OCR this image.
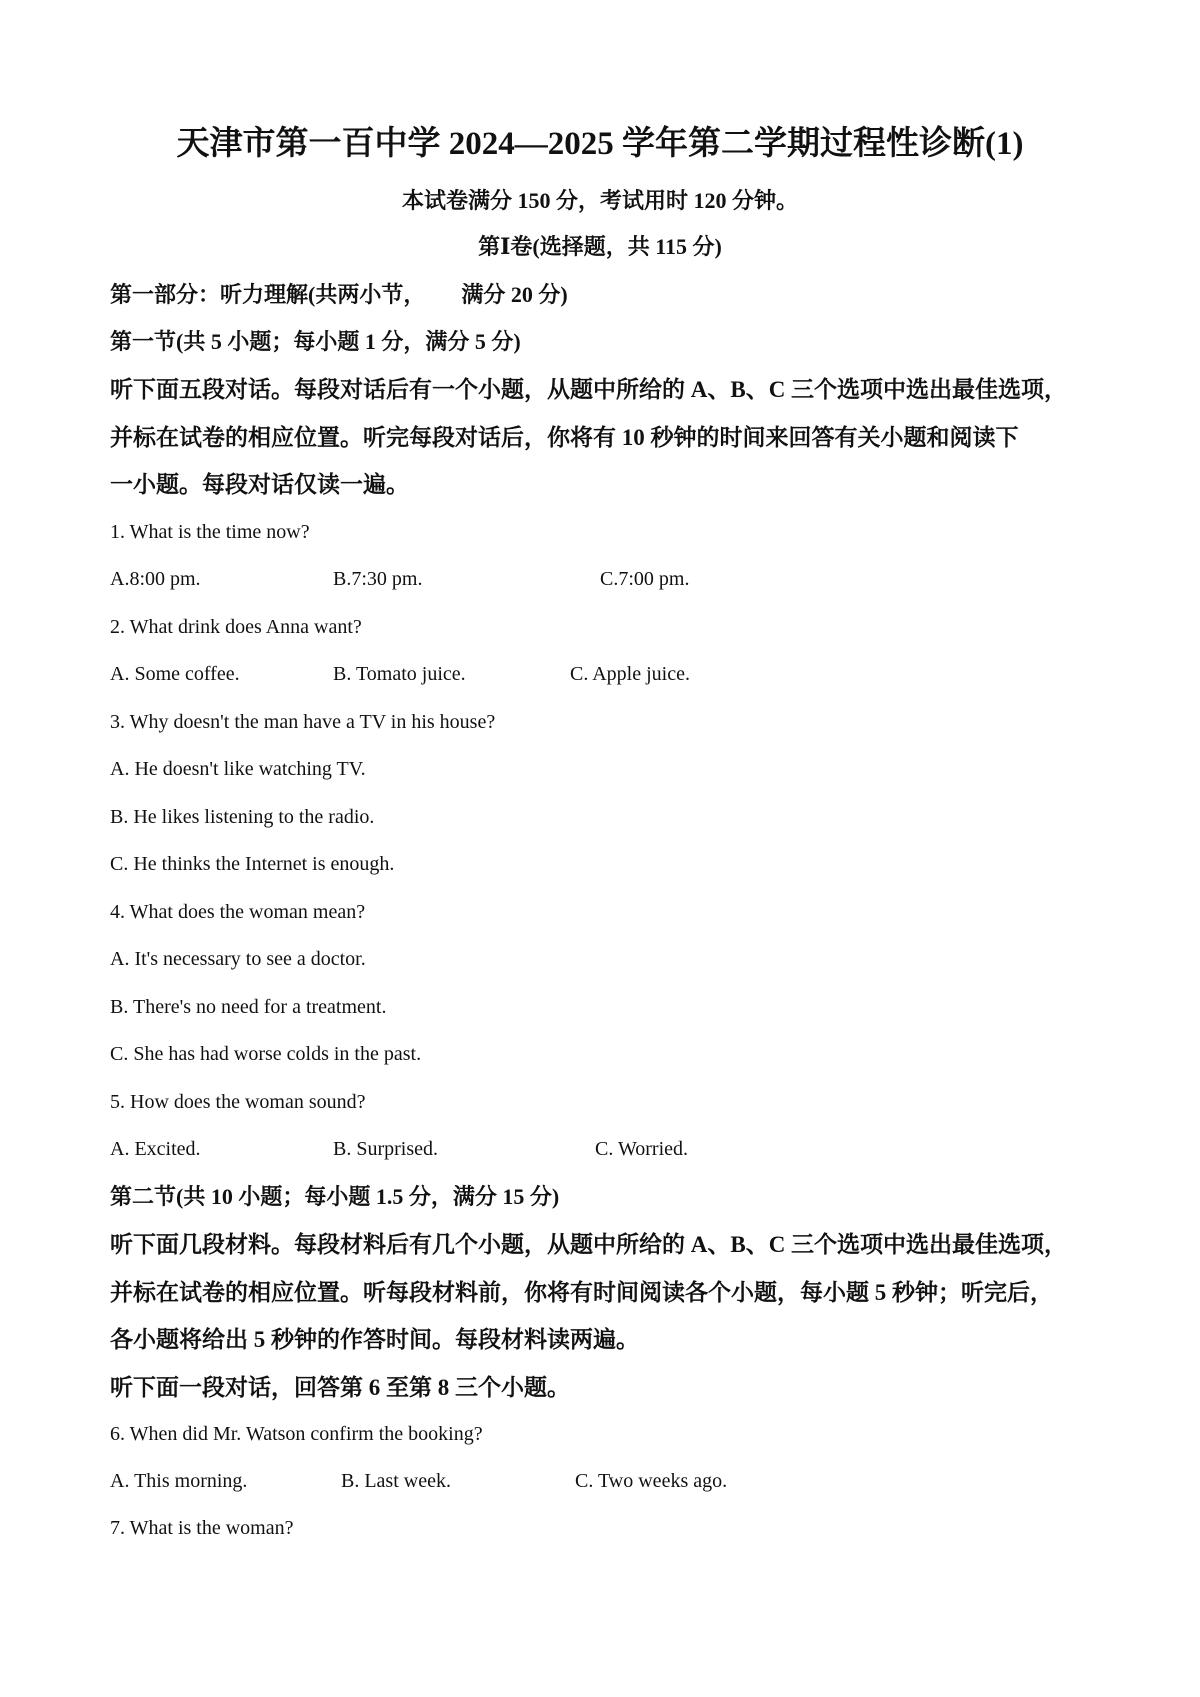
天津市第一百中学 2024—2025 学年第二学期过程性诊断(1)
本试卷满分 150 分，考试用时 120 分钟。
第Ⅰ卷(选择题，共 115 分)
第一部分：听力理解(共两小节， 满分 20 分)
第一节(共 5 小题；每小题 1 分，满分 5 分)
听下面五段对话。每段对话后有一个小题，从题中所给的 A、B、C 三个选项中选出最佳选项，
并标在试卷的相应位置。听完每段对话后，你将有 10 秒钟的时间来回答有关小题和阅读下
一小题。每段对话仅读一遍。
1. What is the time now?
A.8:00 pm.	B.7:30 pm.	C.7:00 pm.
2. What drink does Anna want?
A. Some coffee.	B. Tomato juice.	C. Apple juice.
3. Why doesn't the man have a TV in his house?
A. He doesn't like watching TV.
B. He likes listening to the radio.
C. He thinks the Internet is enough.
4. What does the woman mean?
A. It's necessary to see a doctor.
B. There's no need for a treatment.
C. She has had worse colds in the past.
5. How does the woman sound?
A. Excited.	B. Surprised.	C. Worried.
第二节(共 10 小题；每小题 1.5 分，满分 15 分)
听下面几段材料。每段材料后有几个小题，从题中所给的 A、B、C 三个选项中选出最佳选项，
并标在试卷的相应位置。听每段材料前，你将有时间阅读各个小题，每小题 5 秒钟；听完后，
各小题将给出 5 秒钟的作答时间。每段材料读两遍。
听下面一段对话，回答第 6 至第 8 三个小题。
6. When did Mr. Watson confirm the booking?
A. This morning.	B. Last week.	C. Two weeks ago.
7. What is the woman?
